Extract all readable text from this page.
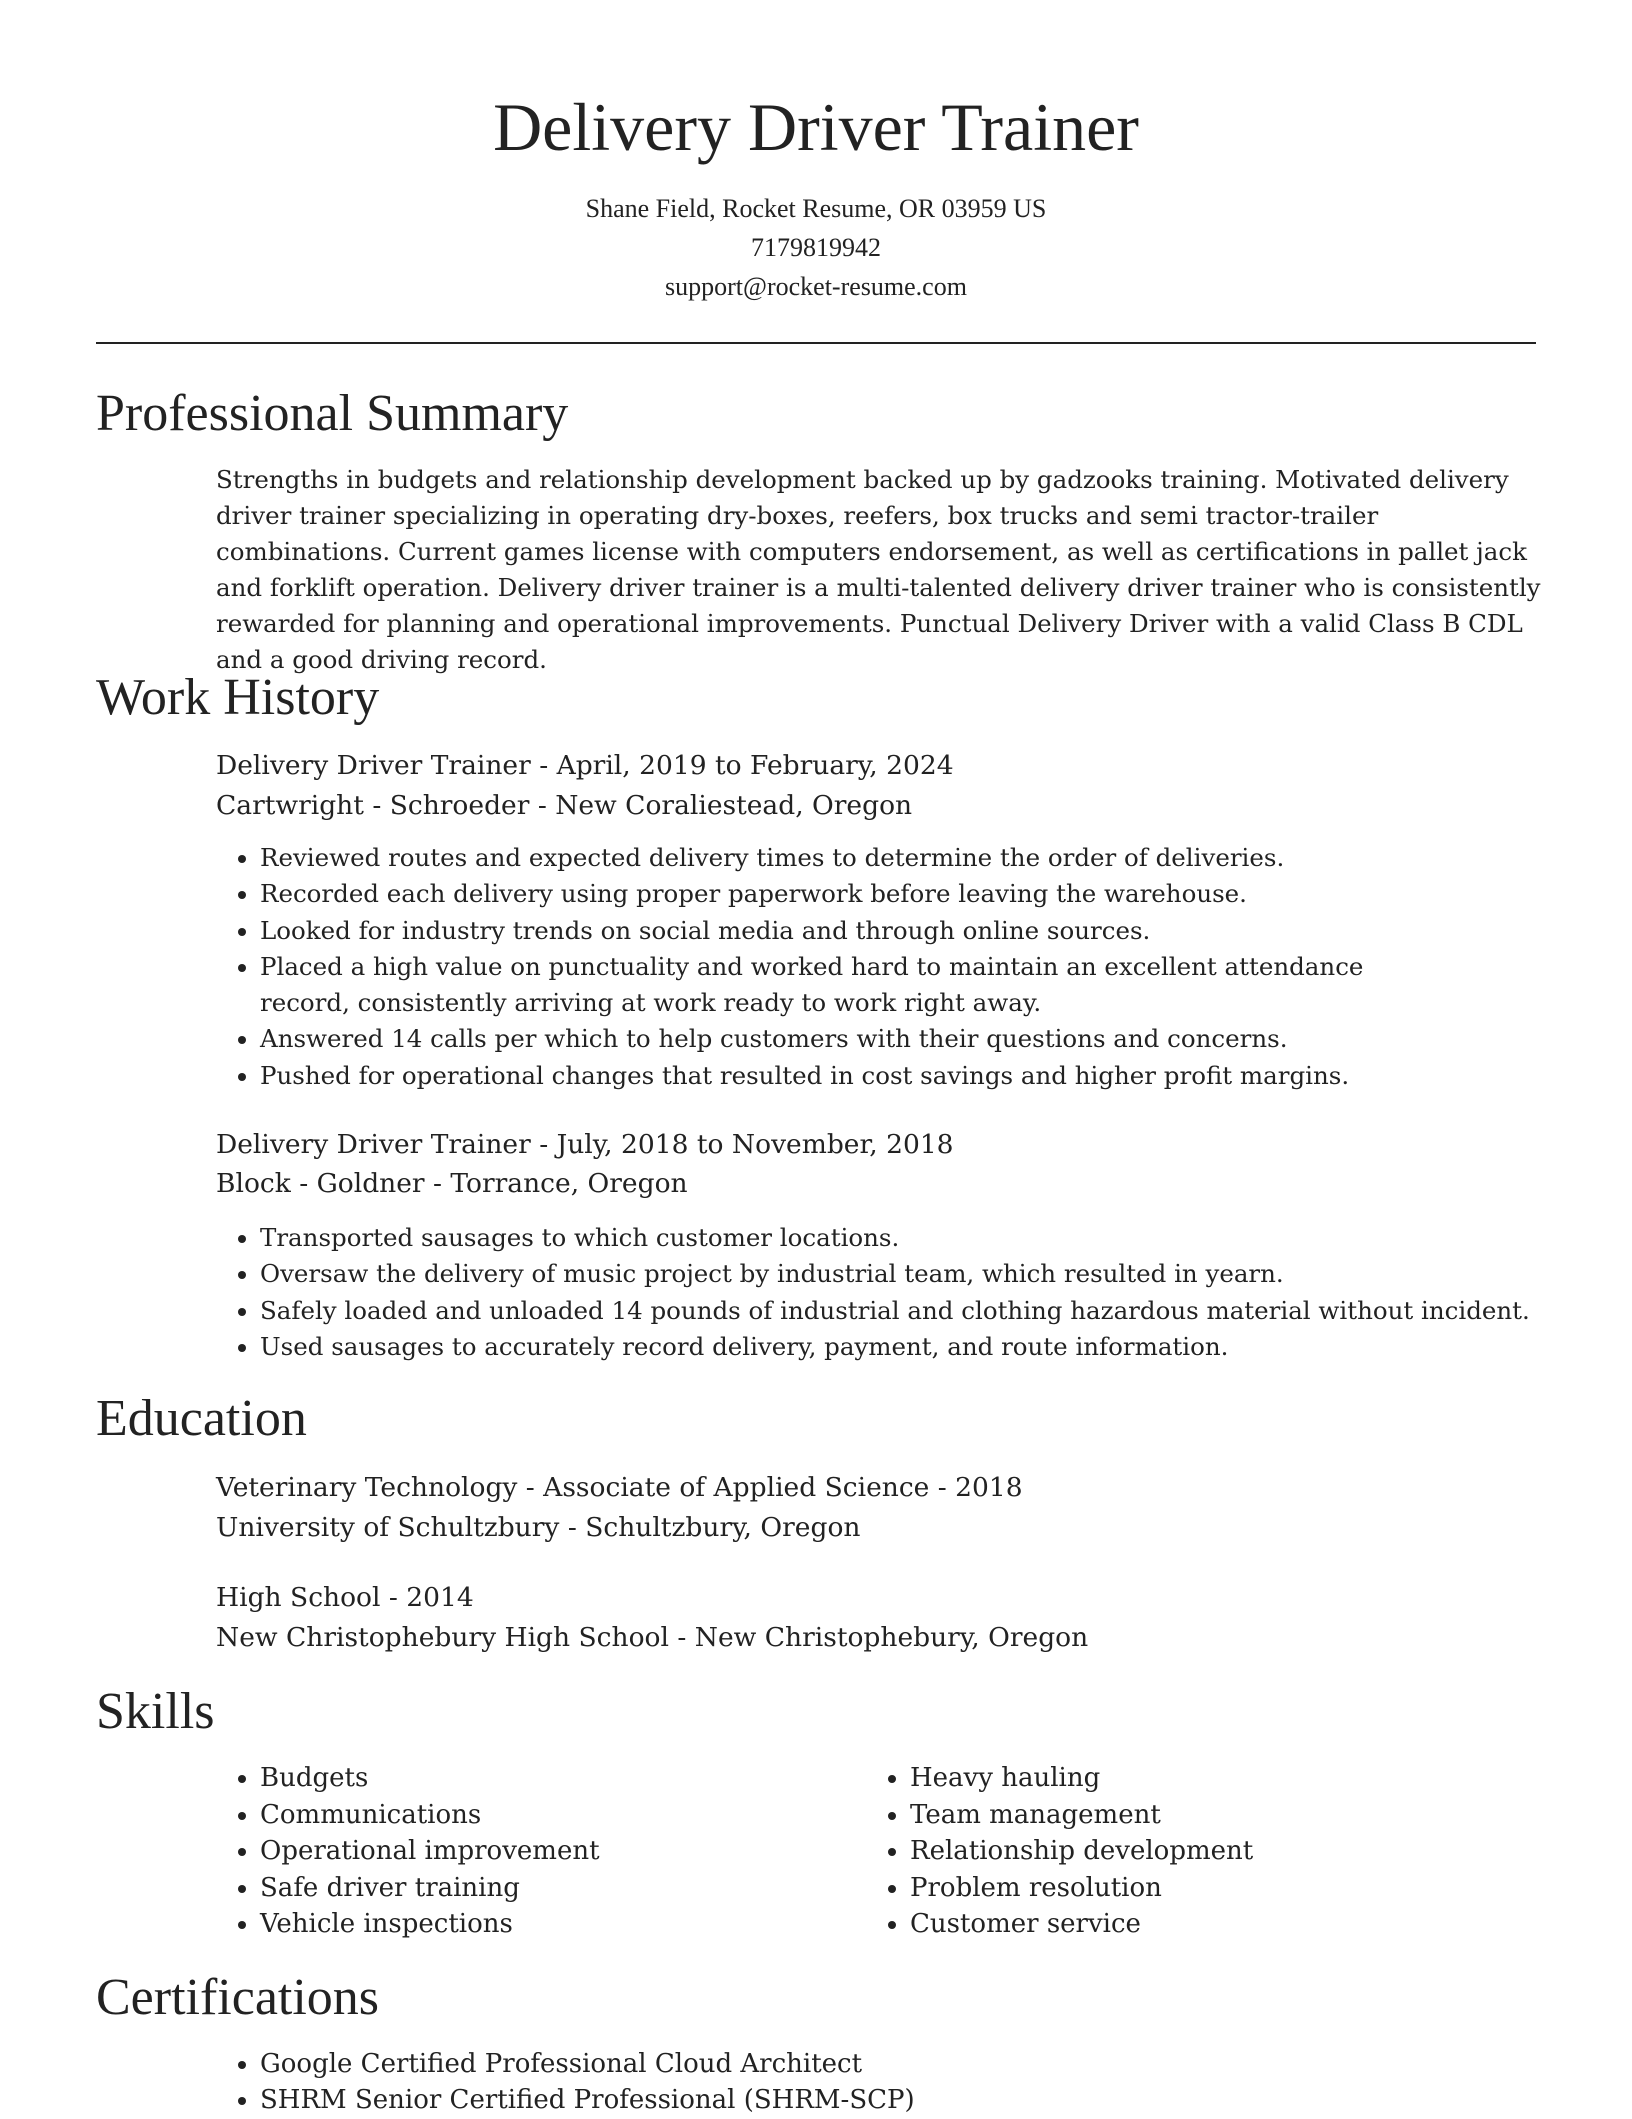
Delivery Driver Trainer
Shane Field, Rocket Resume, OR 03959 US
7179819942
support@rocket-resume.com
Professional Summary
Strengths in budgets and relationship development backed up by gadzooks training. Motivated delivery driver trainer specializing in operating dry-boxes, reefers, box trucks and semi tractor-trailer combinations. Current games license with computers endorsement, as well as certifications in pallet jack and forklift operation. Delivery driver trainer is a multi-talented delivery driver trainer who is consistently rewarded for planning and operational improvements. Punctual Delivery Driver with a valid Class B CDL and a good driving record.
Work History
Delivery Driver Trainer - April, 2019 to February, 2024
Cartwright - Schroeder - New Coraliestead, Oregon
• Reviewed routes and expected delivery times to determine the order of deliveries.
• Recorded each delivery using proper paperwork before leaving the warehouse.
• Looked for industry trends on social media and through online sources.
• Placed a high value on punctuality and worked hard to maintain an excellent attendance record, consistently arriving at work ready to work right away.
• Answered 14 calls per which to help customers with their questions and concerns.
• Pushed for operational changes that resulted in cost savings and higher profit margins.
Delivery Driver Trainer - July, 2018 to November, 2018
Block - Goldner - Torrance, Oregon
• Transported sausages to which customer locations.
• Oversaw the delivery of music project by industrial team, which resulted in yearn.
• Safely loaded and unloaded 14 pounds of industrial and clothing hazardous material without incident.
• Used sausages to accurately record delivery, payment, and route information.
Education
Veterinary Technology - Associate of Applied Science - 2018
University of Schultzbury - Schultzbury, Oregon
High School - 2014
New Christophebury High School - New Christophebury, Oregon
Skills
• Budgets
• Communications
• Operational improvement
• Safe driver training
• Vehicle inspections
• Heavy hauling
• Team management
• Relationship development
• Problem resolution
• Customer service
Certifications
• Google Certified Professional Cloud Architect
• SHRM Senior Certified Professional (SHRM-SCP)
